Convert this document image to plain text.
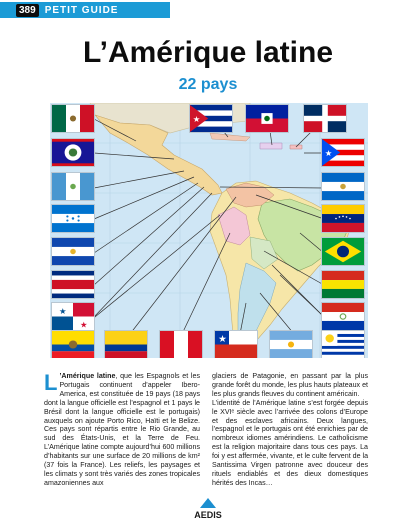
389 PETIT GUIDE
L’Amérique latine
22 pays
★
★
★
★
★

L ’Amérique latine, que les Espagnols et les Portugais continuent d’appeler Ibero-America, est constituée de 19 pays (18 pays dont la langue officielle est l’espagnol et 1 pays le Brésil dont la langue officielle est le portugais) auxquels on ajoute Porto Rico, Haïti et le Belize. Ces pays sont répartis entre le Rio Grande, au sud des États-Unis, et la Terre de Feu. L’Amérique latine compte aujourd’hui 600 millions d’habitants sur une surface de 20 millions de km² (37 fois la France). Les reliefs, les paysages et les climats y sont très variés des zones tropicales amazoniennes aux

glaciers de Patagonie, en passant par la plus grande forêt du monde, les plus hauts plateaux et les plus grands fleuves du continent américain.

L’identité de l’Amérique latine s’est forgée depuis le XVIᵉ siècle avec l’arrivée des colons d’Europe et des esclaves africains. Deux langues, l’espagnol et le portugais ont été enrichies par de nombreux idiomes amérindiens. Le catholicisme est la religion majoritaire dans tous ces pays. La foi y est affermée, vivante, et le culte fervent de la Santissima Virgen patronne avec douceur des rituels endiablés et des dieux domestiques hérités des Incas…

AEDIS
